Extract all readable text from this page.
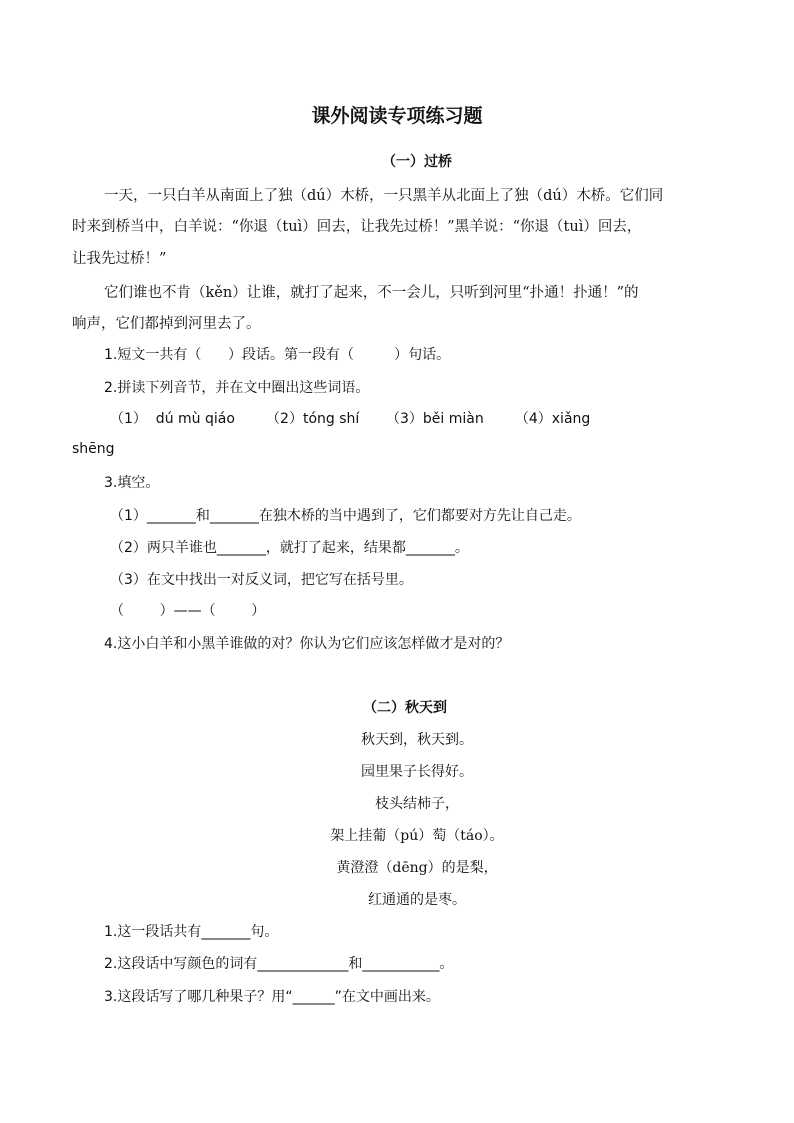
课外阅读专项练习题
（一）过桥
一天，一只白羊从南面上了独（dú）木桥，一只黑羊从北面上了独（dú）木桥。它们同
时来到桥当中，白羊说：“你退（tuì）回去，让我先过桥！”黑羊说：“你退（tuì）回去，
让我先过桥！”
它们谁也不肯（kěn）让谁，就打了起来，不一会儿，只听到河里“扑通！扑通！”的
响声，它们都掉到河里去了。
1.短文一共有（      ）段话。第一段有（         ）句话。
2.拼读下列音节，并在文中圈出这些词语。
（1）  dú mù qiáo       （2）tóng shí      （3）běi miàn       （4）xiǎng
shēng
3.填空。
（1）_______和_______在独木桥的当中遇到了，它们都要对方先让自己走。
（2）两只羊谁也_______，就打了起来，结果都_______。
（3）在文中找出一对反义词，把它写在括号里。
（        ）——（        ）
4.这小白羊和小黑羊谁做的对？你认为它们应该怎样做才是对的？
（二）秋天到
秋天到，秋天到。
园里果子长得好。
枝头结柿子，
架上挂葡（pú）萄（táo）。
黄澄澄（dēng）的是梨，
红通通的是枣。
1.这一段话共有_______句。
2.这段话中写颜色的词有_____________和___________。
3.这段话写了哪几种果子？用“______”在文中画出来。
